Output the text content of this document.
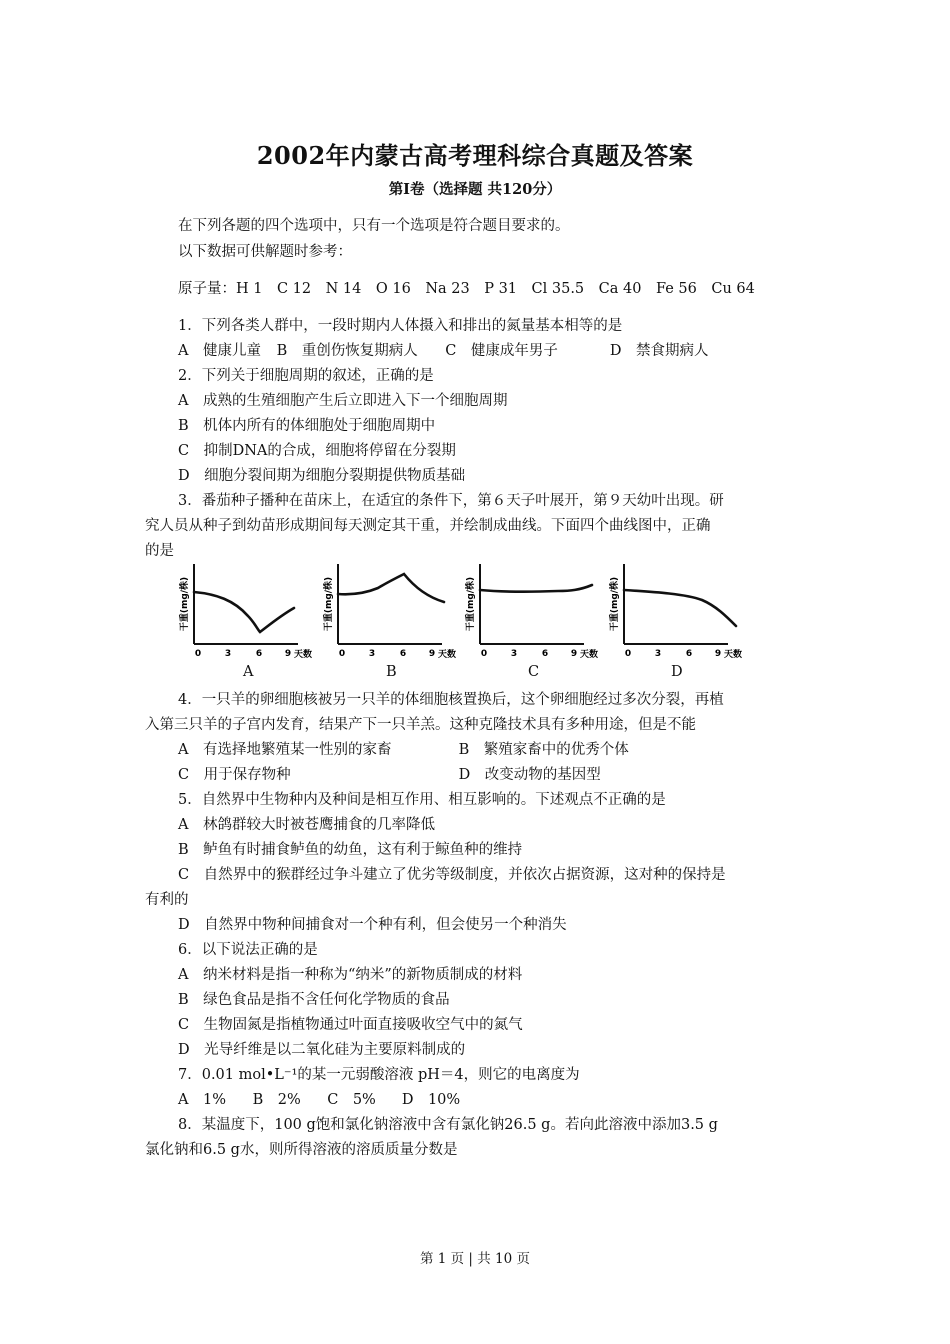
2002年内蒙古高考理科综合真题及答案
第Ⅰ卷（选择题 共120分）
在下列各题的四个选项中，只有一个选项是符合题目要求的。
以下数据可供解题时参考：
原子量：H 1　C 12　N 14　O 16　Na 23　P 31　Cl 35.5　Ca 40　Fe 56　Cu 64
1．下列各类人群中，一段时期内人体摄入和排出的氮量基本相等的是
A　健康儿童 B　重创伤恢复期病人 C　健康成年男子	D　禁食期病人
2．下列关于细胞周期的叙述，正确的是
A　成熟的生殖细胞产生后立即进入下一个细胞周期
B　机体内所有的体细胞处于细胞周期中
C　抑制DNA的合成，细胞将停留在分裂期
D　细胞分裂间期为细胞分裂期提供物质基础
3．番茄种子播种在苗床上，在适宜的条件下，第６天子叶展开，第９天幼叶出现。研
究人员从种子到幼苗形成期间每天测定其干重，并绘制成曲线。下面四个曲线图中，正确
的是
干重(mg/株)
0	3	6	9 天数
干重(mg/株)
0	3	6	9 天数
干重(mg/株)
0	3	6	9 天数
干重(mg/株)
0	3	6	9 天数
A	B	C	D
4．一只羊的卵细胞核被另一只羊的体细胞核置换后，这个卵细胞经过多次分裂，再植
入第三只羊的子宫内发育，结果产下一只羊羔。这种克隆技术具有多种用途，但是不能
A　有选择地繁殖某一性别的家畜	B　繁殖家畜中的优秀个体
C　用于保存物种	D　改变动物的基因型
5．自然界中生物种内及种间是相互作用、相互影响的。下述观点不正确的是
A　林鸽群较大时被苍鹰捕食的几率降低
B　鲈鱼有时捕食鲈鱼的幼鱼，这有利于鲸鱼种的维持
C　自然界中的猴群经过争斗建立了优劣等级制度，并依次占据资源，这对种的保持是
有利的
D　自然界中物种间捕食对一个种有利，但会使另一个种消失
6．以下说法正确的是
A　纳米材料是指一种称为“纳米”的新物质制成的材料
B　绿色食品是指不含任何化学物质的食品
C　生物固氮是指植物通过叶面直接吸收空气中的氮气
D　光导纤维是以二氧化硅为主要原料制成的
7．0.01 mol•L⁻¹的某一元弱酸溶液 pH＝4，则它的电离度为
A　1% B　2% C　5% D　10%
8．某温度下，100 g饱和氯化钠溶液中含有氯化钠26.5 g。若向此溶液中添加3.5 g
氯化钠和6.5 g水，则所得溶液的溶质质量分数是
第 1 页 | 共 10 页
